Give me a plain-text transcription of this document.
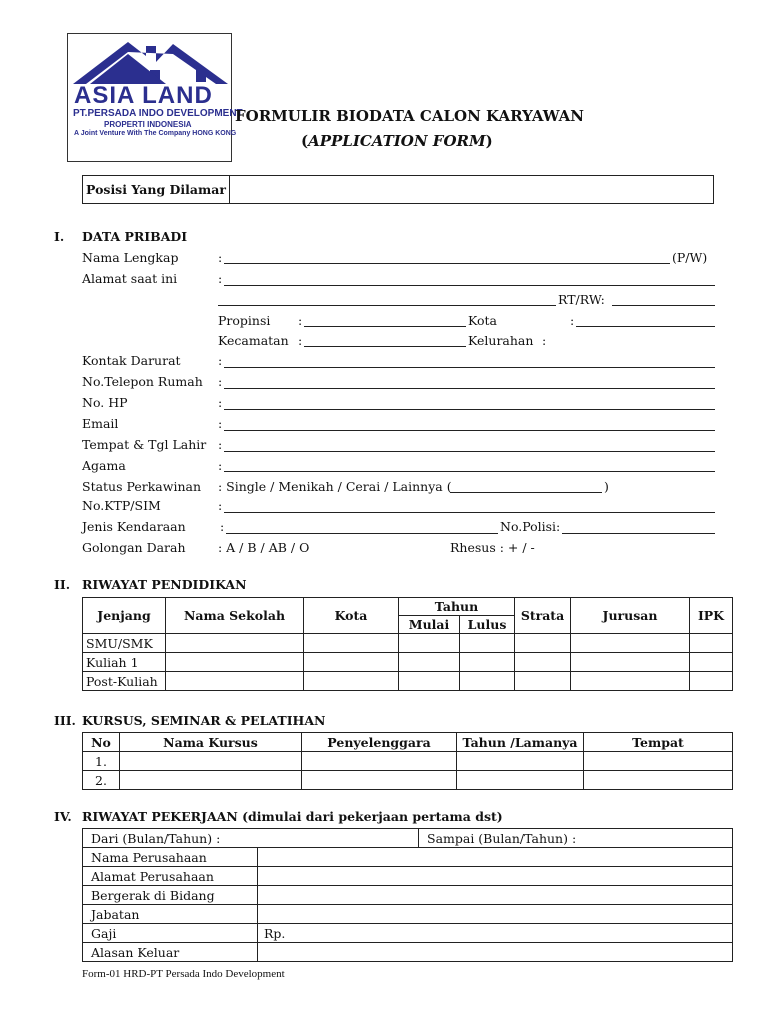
ASIA LAND
PT.PERSADA INDO DEVELOPMENT
PROPERTI INDONESIA
A Joint Venture With The Company HONG KONG
FORMULIR BIODATA CALON KARYAWAN
(APPLICATION FORM)
Posisi Yang Dilamar	
I. DATA PRIBADI
Nama Lengkap	:	(P/W)
Alamat saat ini	:
RT/RW:
Propinsi :	Kota	:
Kecamatan :	Kelurahan :
Kontak Darurat	:
No.Telepon Rumah :
No. HP	:
Email	:
Tempat & Tgl Lahir :
Agama	:
Status Perkawinan : Single / Menikah / Cerai / Lainnya (	)
No.KTP/SIM	:
Jenis Kendaraan	:	No.Polisi:
Golongan Darah	: A / B / AB / O	Rhesus : + / -
II. RIWAYAT PENDIDIKAN
Jenjang	Nama Sekolah	Kota	Tahun		Strata	Jurusan	IPK
			Mulai	Lulus			
SMU/SMK							
Kuliah 1							
Post-Kuliah							
III. KURSUS, SEMINAR & PELATIHAN
No	Nama Kursus	Penyelenggara	Tahun /Lamanya	Tempat
1.				
2.				
IV. RIWAYAT PEKERJAAN (dimulai dari pekerjaan pertama dst)
Dari (Bulan/Tahun) :		Sampai (Bulan/Tahun) :
Nama Perusahaan		
Alamat Perusahaan		
Bergerak di Bidang		
Jabatan		
Gaji	Rp.	
Alasan Keluar		
Form-01 HRD-PT Persada Indo Development
